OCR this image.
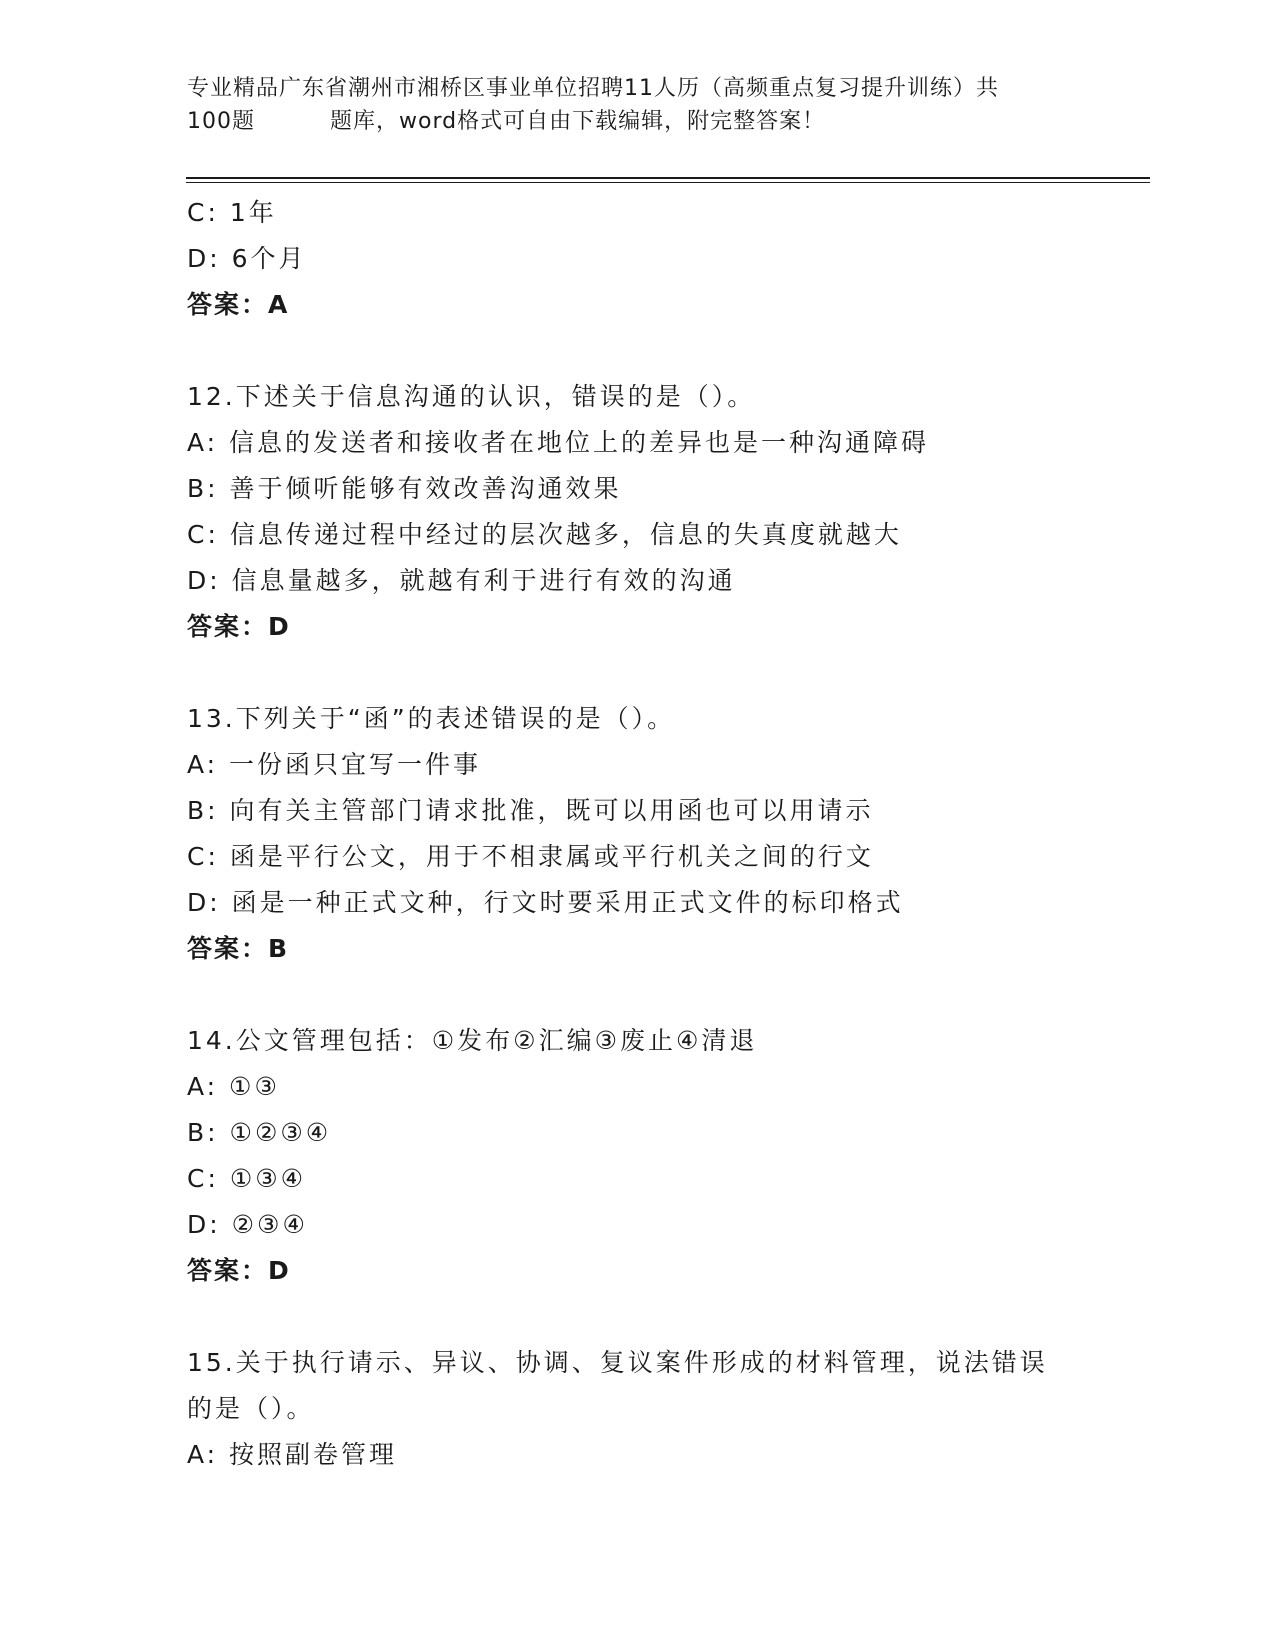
专业精品广东省潮州市湘桥区事业单位招聘11人历（高频重点复习提升训练）共
100题	题库，word格式可自由下载编辑，附完整答案！
C: 1年
D: 6个月
答案：A
12.下述关于信息沟通的认识，错误的是（）。
A: 信息的发送者和接收者在地位上的差异也是一种沟通障碍
B: 善于倾听能够有效改善沟通效果
C: 信息传递过程中经过的层次越多，信息的失真度就越大
D: 信息量越多，就越有利于进行有效的沟通
答案：D
13.下列关于“函”的表述错误的是（）。
A: 一份函只宜写一件事
B: 向有关主管部门请求批准，既可以用函也可以用请示
C: 函是平行公文，用于不相隶属或平行机关之间的行文
D: 函是一种正式文种，行文时要采用正式文件的标印格式
答案：B
14.公文管理包括：①发布②汇编③废止④清退
A: ①③
B: ①②③④
C: ①③④
D: ②③④
答案：D
15.关于执行请示、异议、协调、复议案件形成的材料管理，说法错误
的是（）。
A: 按照副卷管理
